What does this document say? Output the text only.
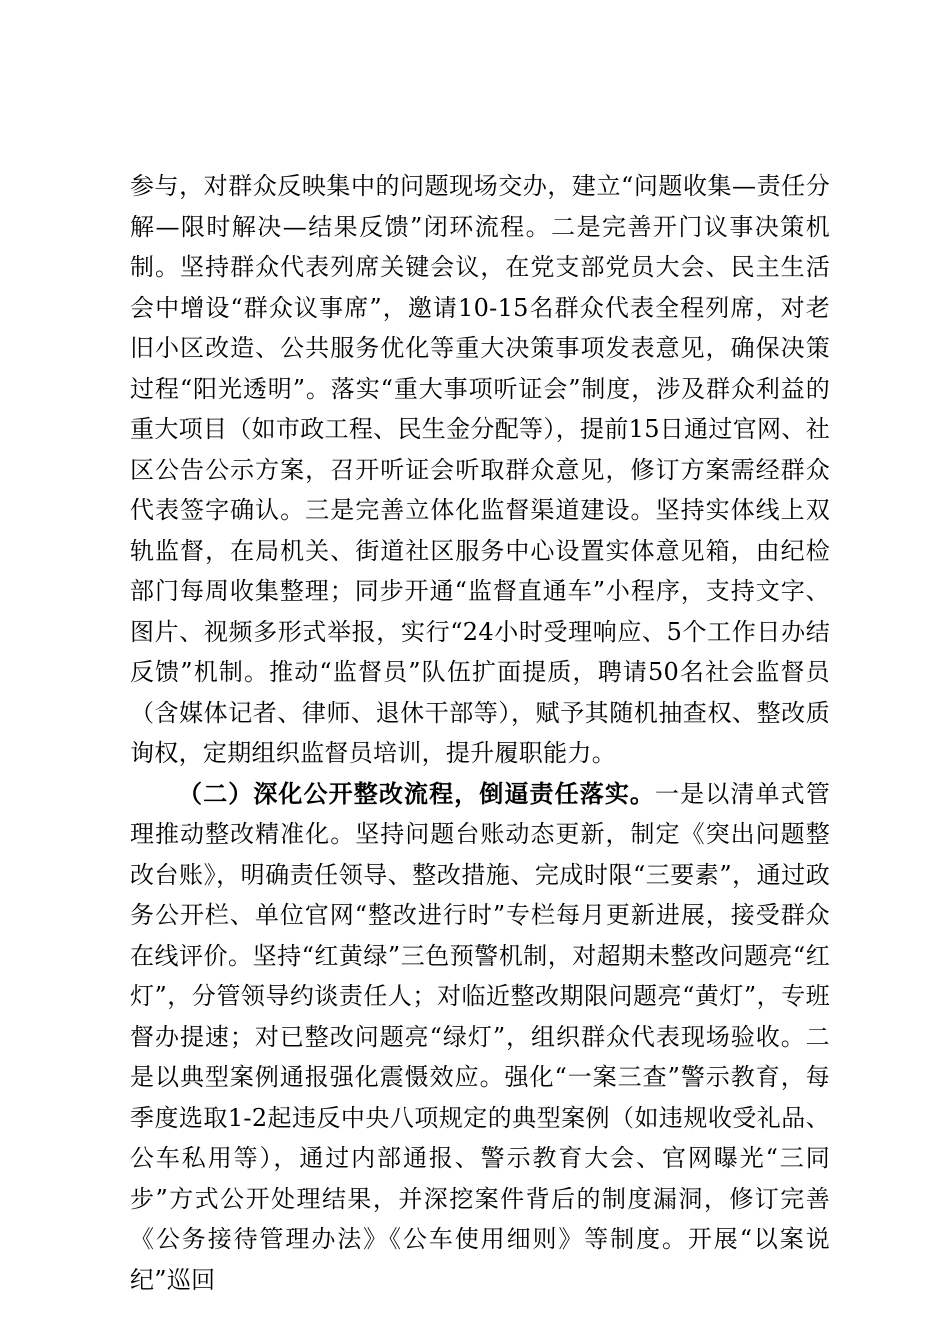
参与，对群众反映集中的问题现场交办，建立“问题收集—责任分解—限时解决—结果反馈”闭环流程。二是完善开门议事决策机制。坚持群众代表列席关键会议，在党支部党员大会、民主生活会中增设“群众议事席”，邀请10-15名群众代表全程列席，对老旧小区改造、公共服务优化等重大决策事项发表意见，确保决策过程“阳光透明”。落实“重大事项听证会”制度，涉及群众利益的重大项目（如市政工程、民生金分配等），提前15日通过官网、社区公告公示方案，召开听证会听取群众意见，修订方案需经群众代表签字确认。三是完善立体化监督渠道建设。坚持实体线上双轨监督，在局机关、街道社区服务中心设置实体意见箱，由纪检部门每周收集整理；同步开通“监督直通车”小程序，支持文字、图片、视频多形式举报，实行“24小时受理响应、5个工作日办结反馈”机制。推动“监督员”队伍扩面提质，聘请50名社会监督员（含媒体记者、律师、退休干部等），赋予其随机抽查权、整改质询权，定期组织监督员培训，提升履职能力。

（二）深化公开整改流程，倒逼责任落实。一是以清单式管理推动整改精准化。坚持问题台账动态更新，制定《突出问题整改台账》，明确责任领导、整改措施、完成时限“三要素”，通过政务公开栏、单位官网“整改进行时”专栏每月更新进展，接受群众在线评价。坚持“红黄绿”三色预警机制，对超期未整改问题亮“红灯”，分管领导约谈责任人；对临近整改期限问题亮“黄灯”，专班督办提速；对已整改问题亮“绿灯”，组织群众代表现场验收。二是以典型案例通报强化震慑效应。强化“一案三查”警示教育，每季度选取1-2起违反中央八项规定的典型案例（如违规收受礼品、公车私用等），通过内部通报、警示教育大会、官网曝光“三同步”方式公开处理结果，并深挖案件背后的制度漏洞，修订完善《公务接待管理办法》《公车使用细则》等制度。开展“以案说纪”巡回
